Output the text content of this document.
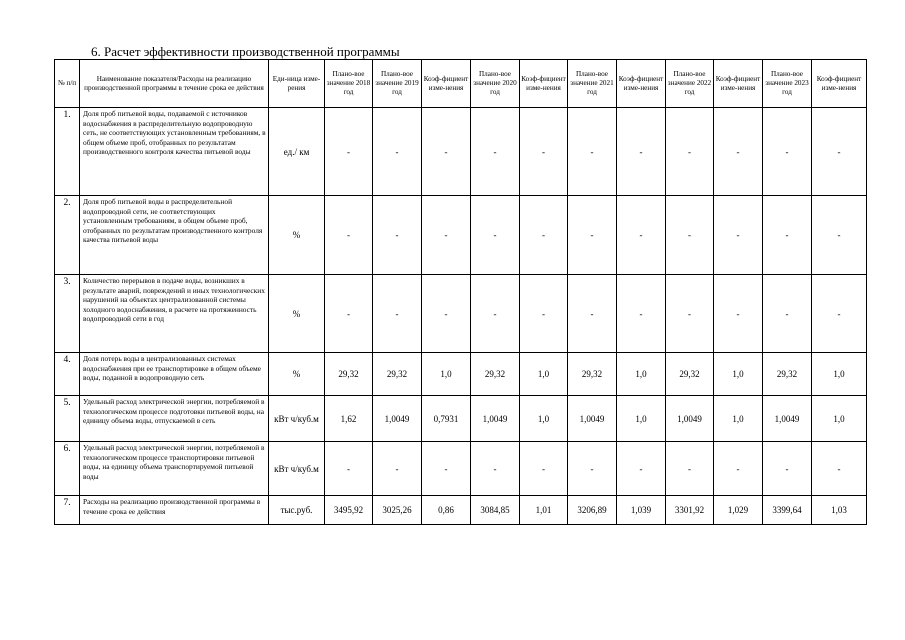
6. Расчет эффективности производственной программы
№ п/п	Наименование показателя/Расходы на реализацию производственной программы в течение срока ее действия	Еди-ница изме-рения	Плано-вое значение 2018 год	Плано-вое значение 2019 год	Коэф-фициент изме-нения	Плано-вое значение 2020 год	Коэф-фициент изме-нения	Плано-вое значение 2021 год	Коэф-фициент изме-нения	Плано-вое значение 2022 год	Коэф-фициент изме-нения	Плано-вое значение 2023 год	Коэф-фициент изме-нения
1.	Доля проб питьевой воды, подаваемой с источников водоснабжения в распределительную водопроводную сеть, не соответствующих установленным требованиям, в общем объеме проб, отобранных по результатам производственного контроля качества питьевой воды	ед./ км	-	-	-	-	-	-	-	-	-	-	-
2.	Доля проб питьевой воды в распределительной водопроводной сети, не соответствующих установленным требованиям, в общем объеме проб, отобранных по результатам производственного контроля качества питьевой воды	%	-	-	-	-	-	-	-	-	-	-	-
3.	Количество перерывов в подаче воды, возникших в результате аварий, повреждений и иных технологических нарушений на объектах централизованной системы холодного водоснабжения, в расчете на протяженность водопроводной сети в год	%	-	-	-	-	-	-	-	-	-	-	-
4.	Доля потерь воды в централизованных системах водоснабжения при ее транспортировке в общем объеме воды, поданной в водопроводную сеть	%	29,32	29,32	1,0	29,32	1,0	29,32	1,0	29,32	1,0	29,32	1,0
5.	Удельный расход электрической энергии, потребляемой в технологическом процессе подготовки питьевой воды, на единицу объема воды, отпускаемой в сеть	кВт ч/куб.м	1,62	1,0049	0,7931	1,0049	1,0	1,0049	1,0	1,0049	1,0	1,0049	1,0
6.	Удельный расход электрической энергии, потребляемой в технологическом процессе транспортировки питьевой воды, на единицу объема транспортируемой питьевой воды	кВт ч/куб.м	-	-	-	-	-	-	-	-	-	-	-
7.	Расходы на реализацию производственной программы в течение срока ее действия	тыс.руб.	3495,92	3025,26	0,86	3084,85	1,01	3206,89	1,039	3301,92	1,029	3399,64	1,03
